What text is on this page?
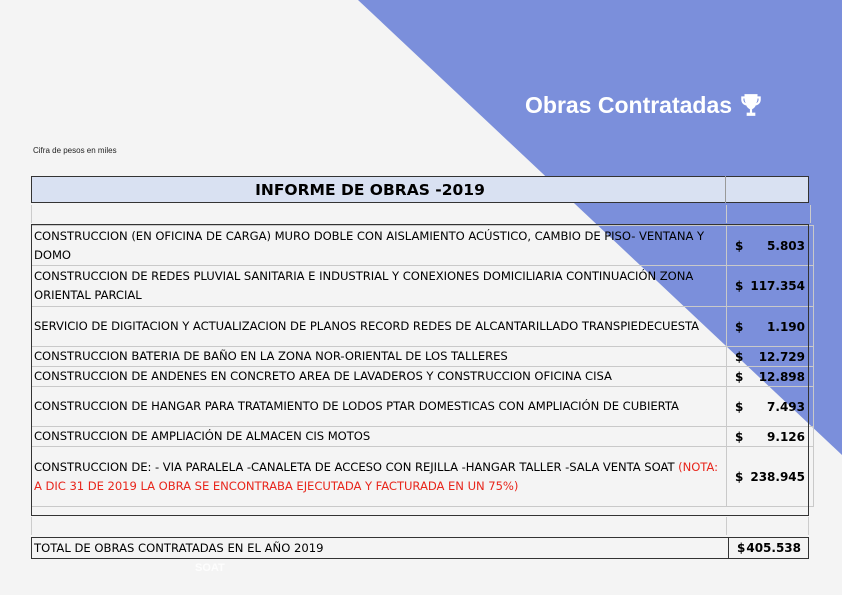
Obras Contratadas
Cifra de pesos en miles
INFORME DE OBRAS -2019
CONSTRUCCION (EN OFICINA DE CARGA) MURO DOBLE CON AISLAMIENTO ACÚSTICO, CAMBIO DE PISO- VENTANA Y DOMO	$ 5.803

CONSTRUCCION DE REDES PLUVIAL SANITARIA E INDUSTRIAL Y CONEXIONES DOMICILIARIA CONTINUACIÓN ZONA ORIENTAL PARCIAL	$ 117.354

SERVICIO DE DIGITACION Y ACTUALIZACION DE PLANOS RECORD REDES DE ALCANTARILLADO TRANSPIEDECUESTA	$ 1.190

CONSTRUCCION BATERIA DE BAÑO EN LA ZONA NOR-ORIENTAL DE LOS TALLERES	$ 12.729

CONSTRUCCION DE ANDENES EN CONCRETO AREA DE LAVADEROS Y CONSTRUCCION OFICINA CISA	$ 12.898

CONSTRUCCION DE HANGAR PARA TRATAMIENTO DE LODOS PTAR DOMESTICAS CON AMPLIACIÓN DE CUBIERTA	$ 7.493

CONSTRUCCION DE AMPLIACIÓN DE ALMACEN CIS MOTOS	$ 9.126

CONSTRUCCION DE: - VIA PARALELA -CANALETA DE ACCESO CON REJILLA -HANGAR TALLER -SALA VENTA SOAT (NOTA: A DIC 31 DE 2019 LA OBRA SE ENCONTRABA EJECUTADA Y FACTURADA EN UN 75%)	$ 238.945
TOTAL DE OBRAS CONTRATADAS EN EL AÑO 2019	$ 405.538
SOAT
